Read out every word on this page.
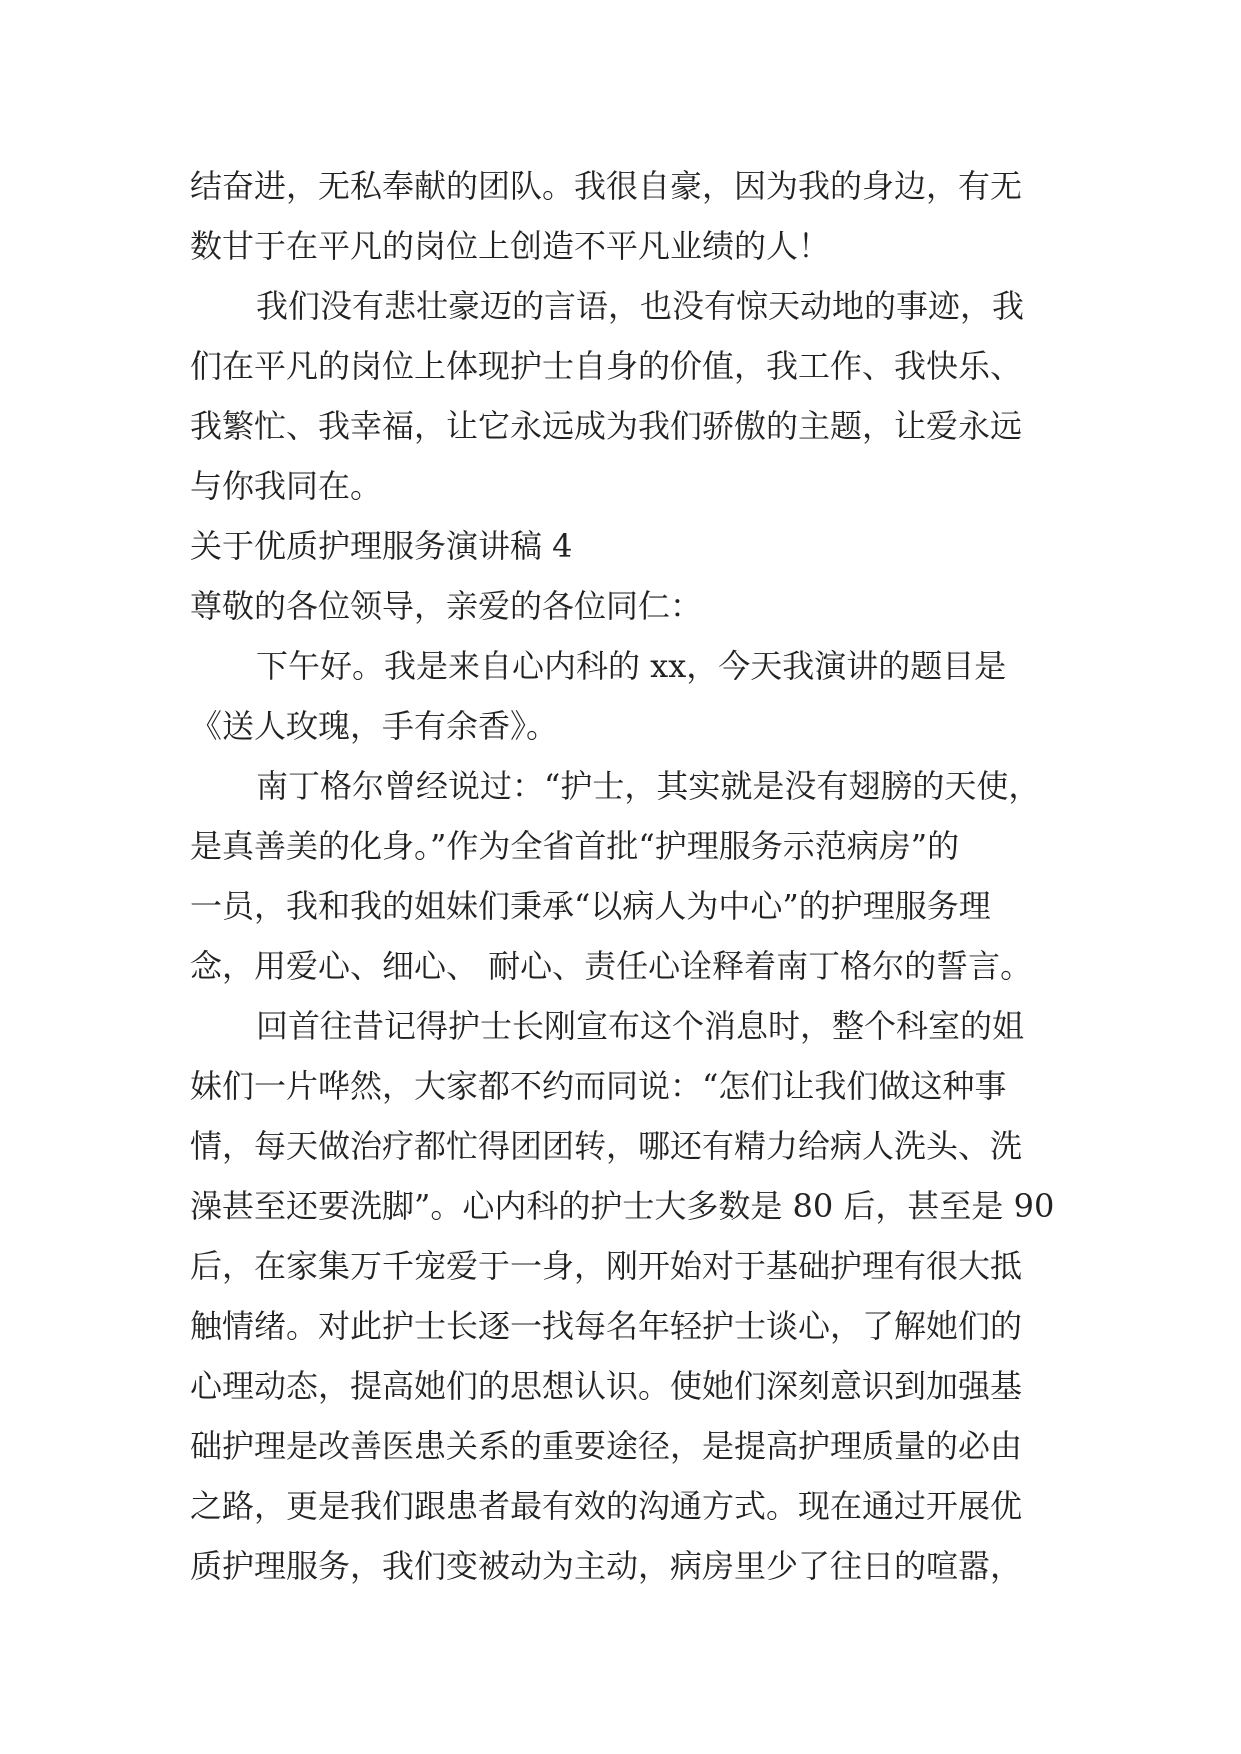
结奋进，无私奉献的团队。我很自豪，因为我的身边，有无
数甘于在平凡的岗位上创造不平凡业绩的人！
我们没有悲壮豪迈的言语，也没有惊天动地的事迹，我
们在平凡的岗位上体现护士自身的价值，我工作、我快乐、
我繁忙、我幸福，让它永远成为我们骄傲的主题，让爱永远
与你我同在。
关于优质护理服务演讲稿 4
尊敬的各位领导，亲爱的各位同仁：
下午好。我是来自心内科的 xx，今天我演讲的题目是
《送人玫瑰，手有余香》。
南丁格尔曾经说过：“护士，其实就是没有翅膀的天使，
是真善美的化身。”作为全省首批“护理服务示范病房”的
一员，我和我的姐妹们秉承“以病人为中心”的护理服务理
念，用爱心、细心、 耐心、责任心诠释着南丁格尔的誓言。
回首往昔记得护士长刚宣布这个消息时，整个科室的姐
妹们一片哗然，大家都不约而同说：“怎们让我们做这种事
情，每天做治疗都忙得团团转，哪还有精力给病人洗头、洗
澡甚至还要洗脚”。心内科的护士大多数是 80 后，甚至是 90
后，在家集万千宠爱于一身，刚开始对于基础护理有很大抵
触情绪。对此护士长逐一找每名年轻护士谈心，了解她们的
心理动态，提高她们的思想认识。使她们深刻意识到加强基
础护理是改善医患关系的重要途径，是提高护理质量的必由
之路，更是我们跟患者最有效的沟通方式。现在通过开展优
质护理服务，我们变被动为主动，病房里少了往日的喧嚣，
